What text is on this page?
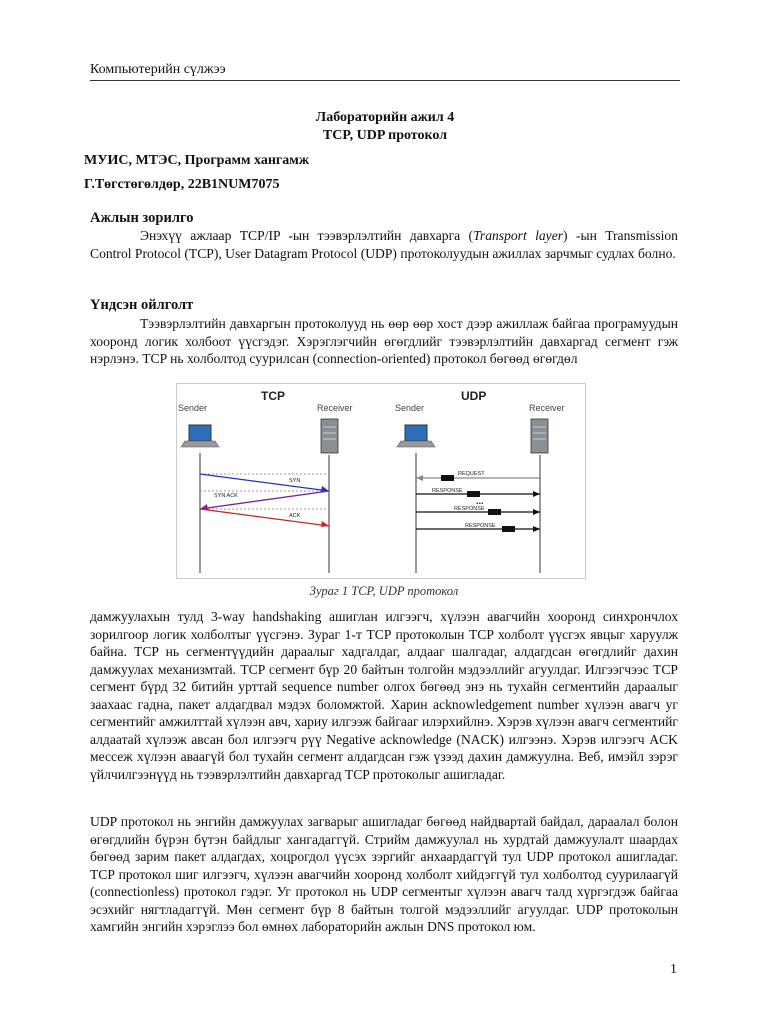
Компьютерийн сүлжээ
Лабораторийн ажил 4
TCP, UDP протокол
МУИС, МТЭС, Программ хангамж
Г.Төгстөгөлдөр, 22B1NUM7075
Ажлын зорилго

Энэхүү ажлаар TCP/IP -ын тээвэрлэлтийн давхарга (Transport layer) -ын Transmission Control Protocol (TCP), User Datagram Protocol (UDP) протоколуудын ажиллах зарчмыг судлах болно.

Үндсэн ойлголт

Тээвэрлэлтийн давхаргын протоколууд нь өөр өөр хост дээр ажиллаж байгаа програмуудын хооронд логик холбоот үүсгэдэг. Хэрэглэгчийн өгөгдлийг тээвэрлэлтийн давхаргад сегмент гэж нэрлэнэ. TCP нь холболтод суурилсан (connection-oriented) протокол бөгөөд өгөгдөл

TCP
Sender	Receiver
SYN
SYN ACK
ACK
UDP
Sender	Receiver
REQUEST
RESPONSE
...
RESPONSE
RESPONSE
Зураг 1 TCP, UDP протокол

дамжуулахын тулд 3-way handshaking ашиглан илгээгч, хүлээн авагчийн хооронд синхрончлох зорилгоор логик холболтыг үүсгэнэ. Зураг 1-т TCP протоколын TCP холболт үүсгэх явцыг харуулж байна. TCP нь сегментүүдийн дараалыг хадгалдаг, алдааг шалгадаг, алдагдсан өгөгдлийг дахин дамжуулах механизмтай. TCP сегмент бүр 20 байтын толгойн мэдээллийг агуулдаг. Илгээгчээс TCP сегмент бүрд 32 битийн урттай sequence number олгох бөгөөд энэ нь тухайн сегментийн дараалыг заахаас гадна, пакет алдагдвал мэдэх боломжтой. Харин acknowledgement number хүлээн авагч уг сегментийг амжилттай хүлээн авч, хариу илгээж байгааг илэрхийлнэ. Хэрэв хүлээн авагч сегментийг алдаатай хүлээж авсан бол илгээгч рүү Negative acknowledge (NACK) илгээнэ. Хэрэв илгээгч ACK мессеж хүлээн аваагүй бол тухайн сегмент алдагдсан гэж үзээд дахин дамжуулна. Веб, имэйл зэрэг үйлчилгээнүүд нь тээвэрлэлтийн давхаргад TCP протоколыг ашигладаг.

UDP протокол нь энгийн дамжуулах загварыг ашигладаг бөгөөд найдвартай байдал, дараалал болон өгөгдлийн бүрэн бүтэн байдлыг хангадаггүй. Стрийм дамжуулал нь хурдтай дамжуулалт шаардах бөгөөд зарим пакет алдагдах, хоцрогдол үүсэх зэргийг анхаардаггүй тул UDP протокол ашигладаг. TCP протокол шиг илгээгч, хүлээн авагчийн хооронд холболт хийдэггүй тул холболтод суурилаагүй (connectionless) протокол гэдэг. Уг протокол нь UDP сегментыг хүлээн авагч талд хүргэгдэж байгаа эсэхийг нягтладаггүй. Мөн сегмент бүр 8 байтын толгой мэдээллийг агуулдаг. UDP протоколын хамгийн энгийн хэрэглээ бол өмнөх лабораторийн ажлын DNS протокол юм.

1
